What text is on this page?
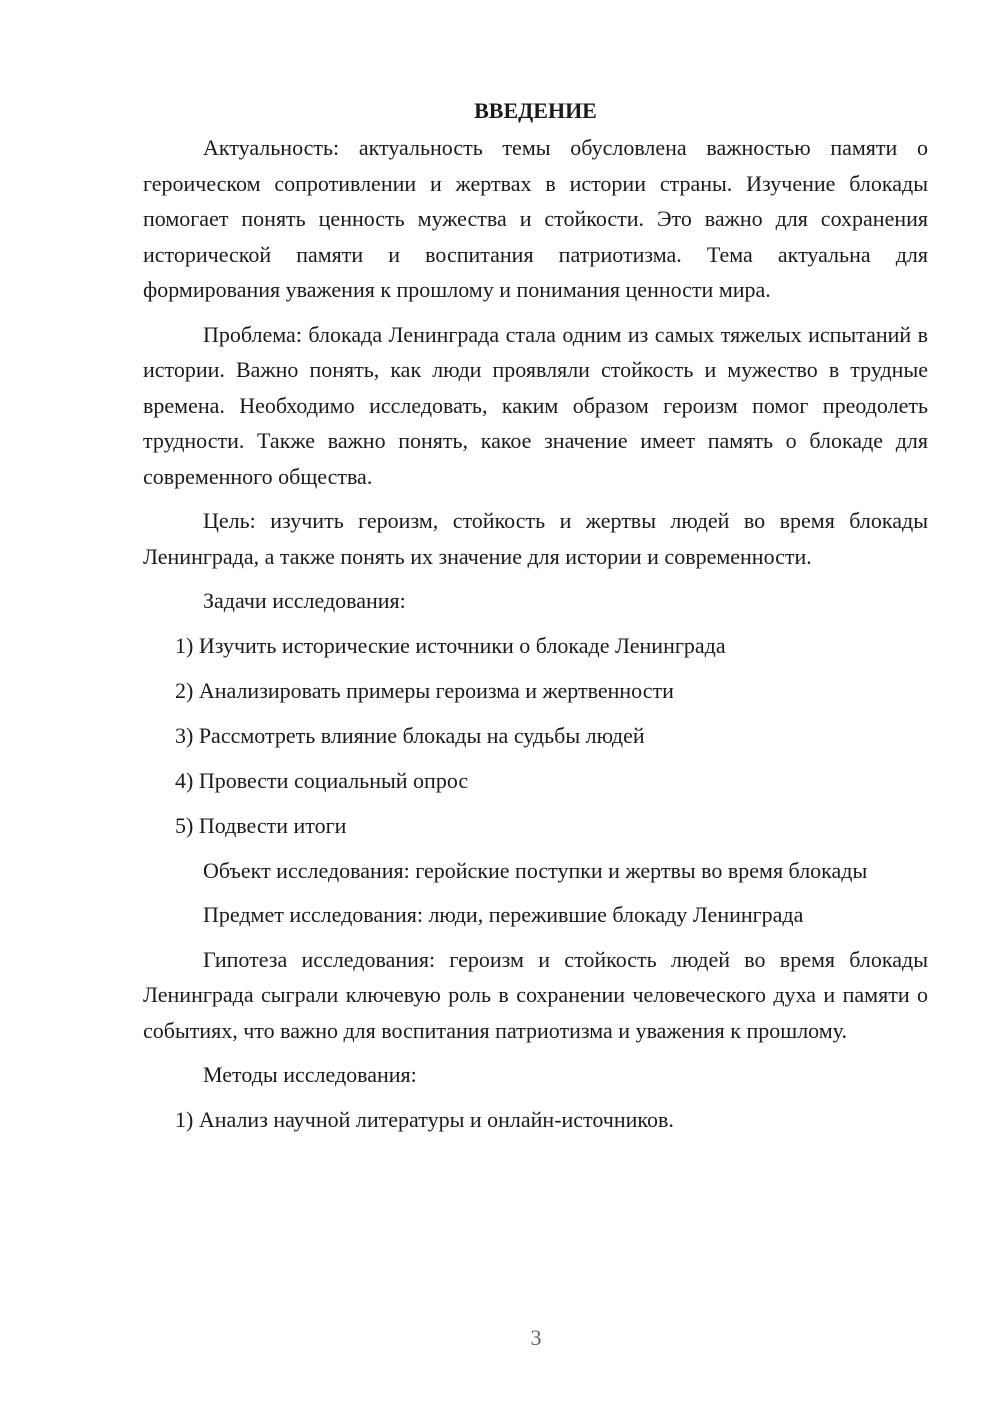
ВВЕДЕНИЕ

Актуальность: актуальность темы обусловлена важностью памяти о героическом сопротивлении и жертвах в истории страны. Изучение блокады помогает понять ценность мужества и стойкости. Это важно для сохранения исторической памяти и воспитания патриотизма. Тема актуальна для формирования уважения к прошлому и понимания ценности мира.

Проблема: блокада Ленинграда стала одним из самых тяжелых испытаний в истории. Важно понять, как люди проявляли стойкость и мужество в трудные времена. Необходимо исследовать, каким образом героизм помог преодолеть трудности. Также важно понять, какое значение имеет память о блокаде для современного общества.

Цель: изучить героизм, стойкость и жертвы людей во время блокады Ленинграда, а также понять их значение для истории и современности.

Задачи исследования:

1) Изучить исторические источники о блокаде Ленинграда

2) Анализировать примеры героизма и жертвенности

3) Рассмотреть влияние блокады на судьбы людей

4) Провести социальный опрос

5) Подвести итоги

Объект исследования: геройские поступки и жертвы во время блокады

Предмет исследования: люди, пережившие блокаду Ленинграда

Гипотеза исследования: героизм и стойкость людей во время блокады Ленинграда сыграли ключевую роль в сохранении человеческого духа и памяти о событиях, что важно для воспитания патриотизма и уважения к прошлому.

Методы исследования:

1) Анализ научной литературы и онлайн-источников.

3
